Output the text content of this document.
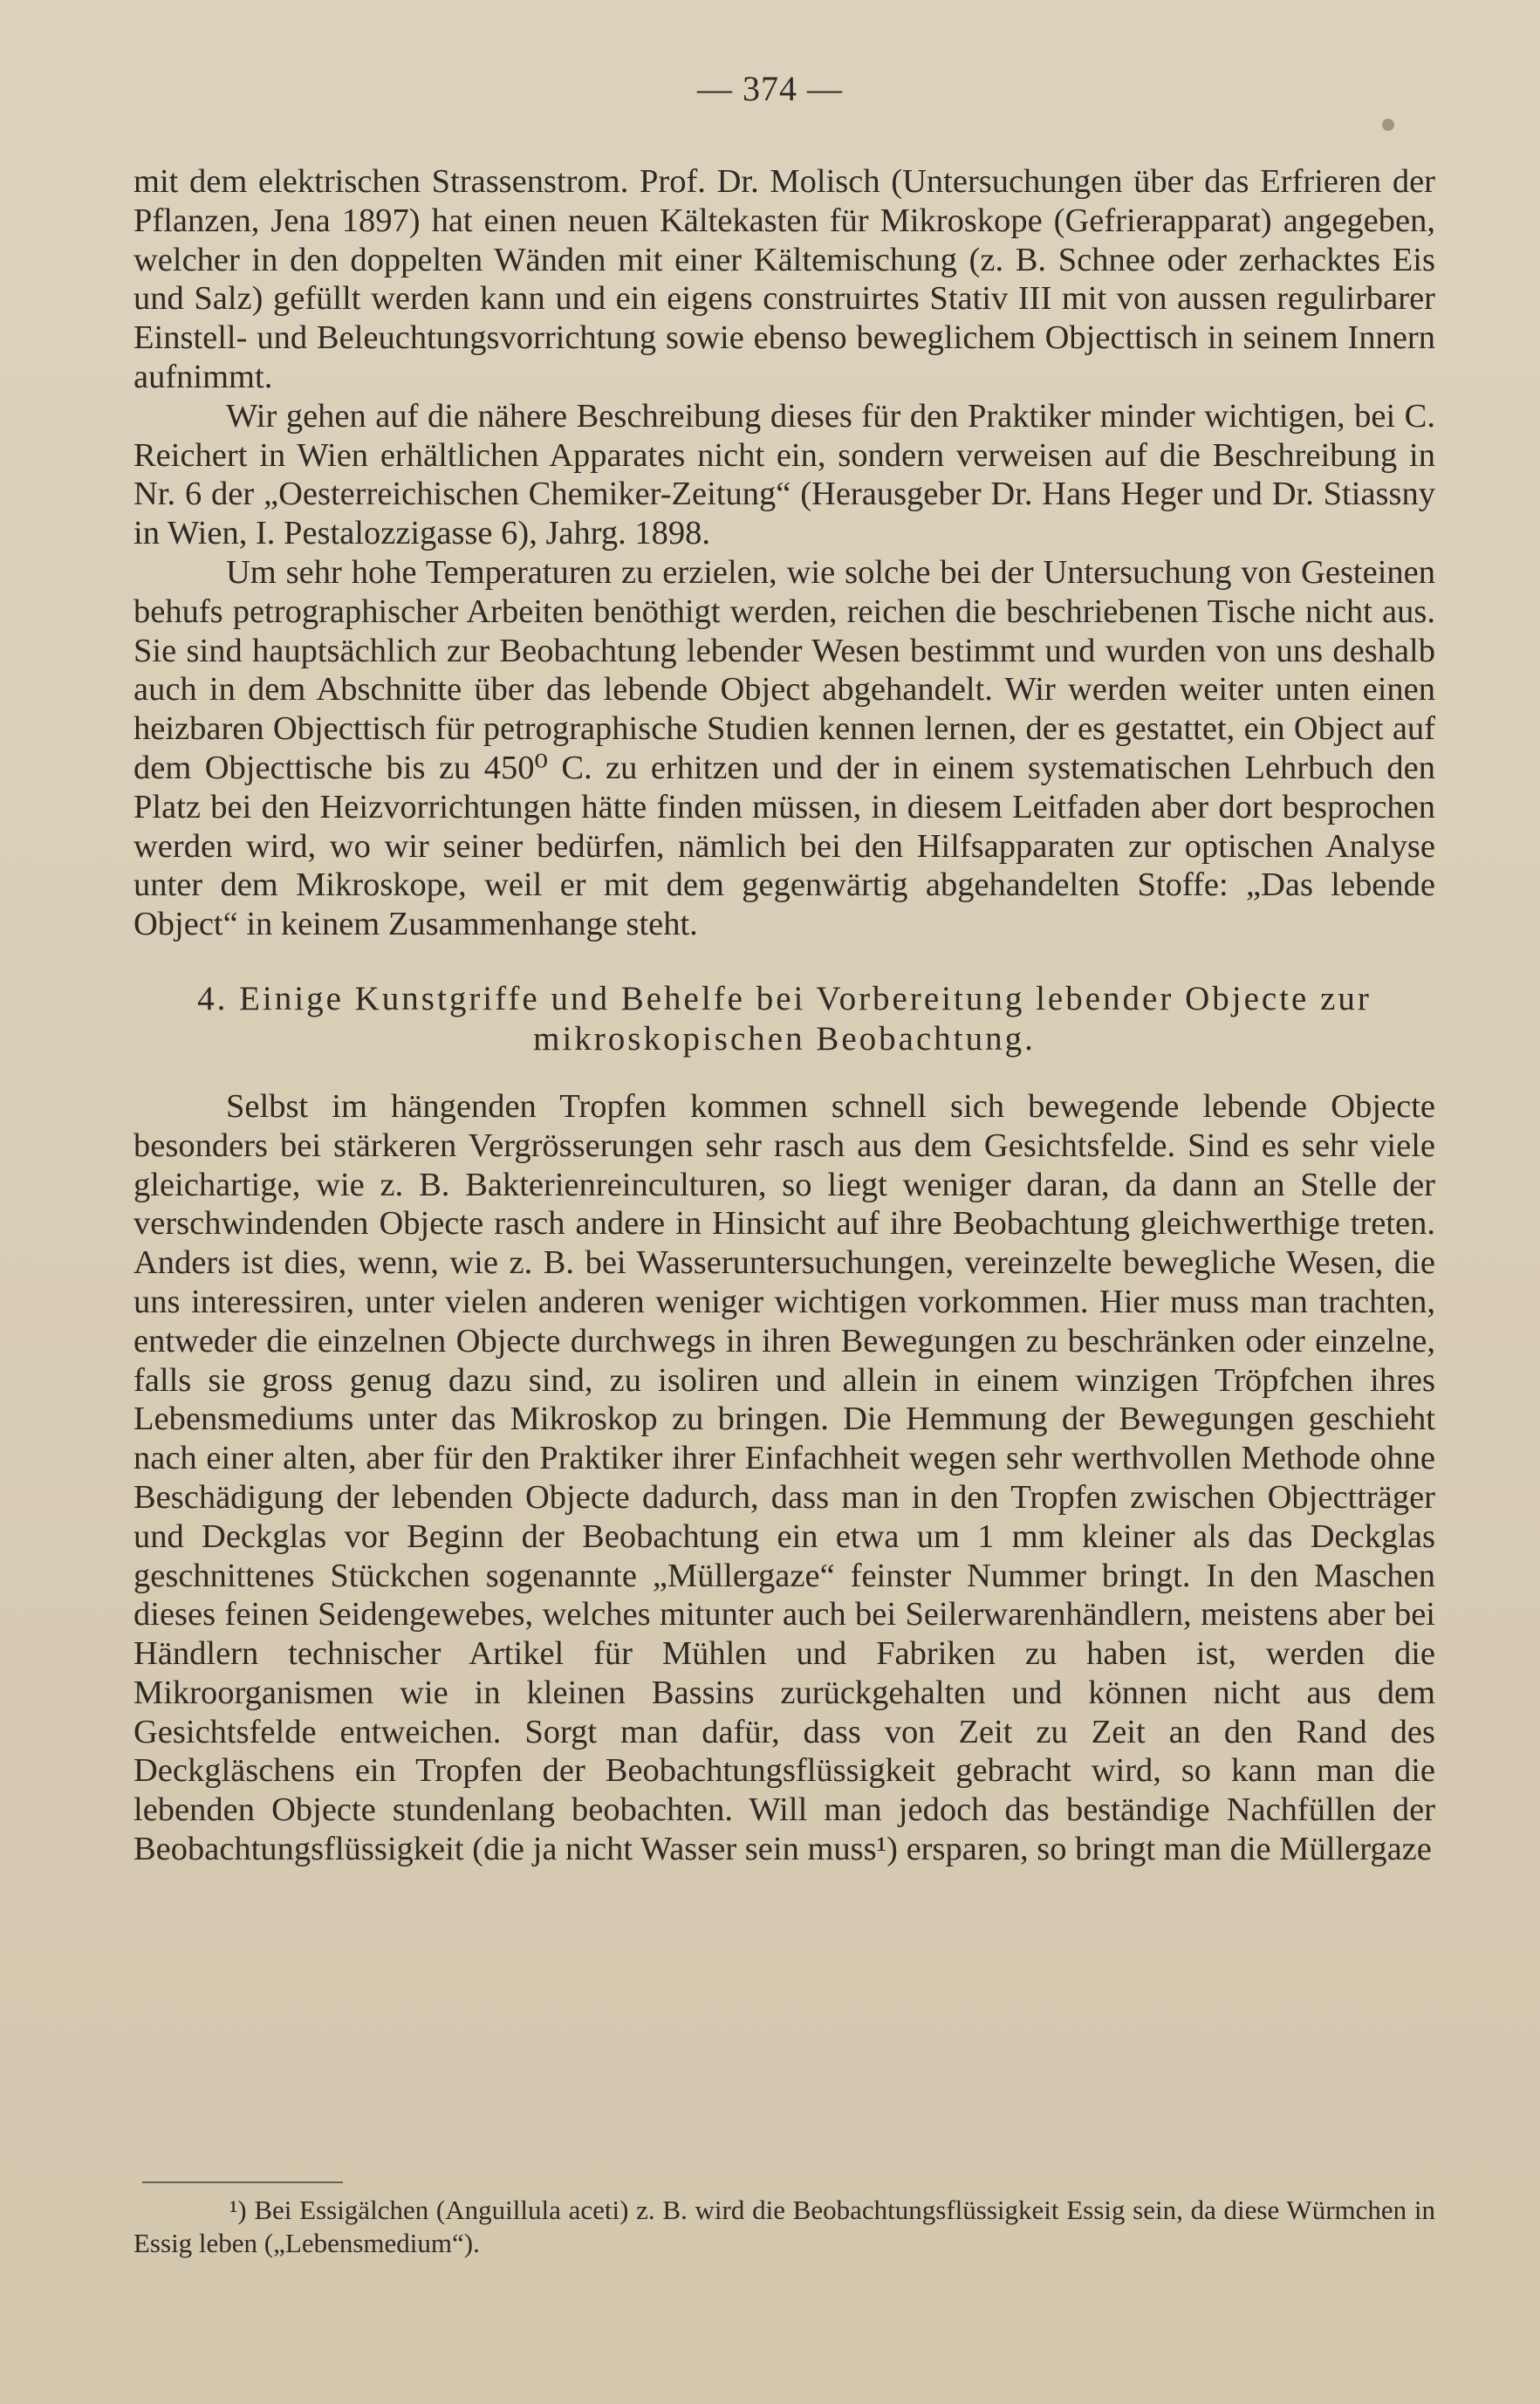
— 374 —

mit dem elektrischen Strassenstrom. Prof. Dr. Molisch (Untersuchungen über das Erfrieren der Pflanzen, Jena 1897) hat einen neuen Kältekasten für Mikroskope (Gefrierapparat) angegeben, welcher in den doppelten Wänden mit einer Kältemischung (z. B. Schnee oder zerhacktes Eis und Salz) gefüllt werden kann und ein eigens construirtes Stativ III mit von aussen regulirbarer Einstell- und Beleuchtungsvorrichtung sowie ebenso beweglichem Objecttisch in seinem Innern aufnimmt.

Wir gehen auf die nähere Beschreibung dieses für den Praktiker minder wichtigen, bei C. Reichert in Wien erhältlichen Apparates nicht ein, sondern verweisen auf die Beschreibung in Nr. 6 der „Oesterreichischen Chemiker-Zeitung“ (Herausgeber Dr. Hans Heger und Dr. Stiassny in Wien, I. Pestalozzigasse 6), Jahrg. 1898.

Um sehr hohe Temperaturen zu erzielen, wie solche bei der Untersuchung von Gesteinen behufs petrographischer Arbeiten benöthigt werden, reichen die beschriebenen Tische nicht aus. Sie sind hauptsächlich zur Beobachtung lebender Wesen bestimmt und wurden von uns deshalb auch in dem Abschnitte über das lebende Object abgehandelt. Wir werden weiter unten einen heizbaren Objecttisch für petrographische Studien kennen lernen, der es gestattet, ein Object auf dem Objecttische bis zu 450⁰ C. zu erhitzen und der in einem systematischen Lehrbuch den Platz bei den Heizvorrichtungen hätte finden müssen, in diesem Leitfaden aber dort besprochen werden wird, wo wir seiner bedürfen, nämlich bei den Hilfsapparaten zur optischen Analyse unter dem Mikroskope, weil er mit dem gegenwärtig abgehandelten Stoffe: „Das lebende Object“ in keinem Zusammenhange steht.

4. Einige Kunstgriffe und Behelfe bei Vorbereitung lebender Objecte zur mikroskopischen Beobachtung.

Selbst im hängenden Tropfen kommen schnell sich bewegende lebende Objecte besonders bei stärkeren Vergrösserungen sehr rasch aus dem Gesichtsfelde. Sind es sehr viele gleichartige, wie z. B. Bakterienreinculturen, so liegt weniger daran, da dann an Stelle der verschwindenden Objecte rasch andere in Hinsicht auf ihre Beobachtung gleichwerthige treten. Anders ist dies, wenn, wie z. B. bei Wasseruntersuchungen, vereinzelte bewegliche Wesen, die uns interessiren, unter vielen anderen weniger wichtigen vorkommen. Hier muss man trachten, entweder die einzelnen Objecte durchwegs in ihren Bewegungen zu beschränken oder einzelne, falls sie gross genug dazu sind, zu isoliren und allein in einem winzigen Tröpfchen ihres Lebensmediums unter das Mikroskop zu bringen. Die Hemmung der Bewegungen geschieht nach einer alten, aber für den Praktiker ihrer Einfachheit wegen sehr werthvollen Methode ohne Beschädigung der lebenden Objecte dadurch, dass man in den Tropfen zwischen Objectträger und Deckglas vor Beginn der Beobachtung ein etwa um 1 mm kleiner als das Deckglas geschnittenes Stückchen sogenannte „Müllergaze“ feinster Nummer bringt. In den Maschen dieses feinen Seidengewebes, welches mitunter auch bei Seilerwarenhändlern, meistens aber bei Händlern technischer Artikel für Mühlen und Fabriken zu haben ist, werden die Mikroorganismen wie in kleinen Bassins zurückgehalten und können nicht aus dem Gesichtsfelde entweichen. Sorgt man dafür, dass von Zeit zu Zeit an den Rand des Deckgläschens ein Tropfen der Beobachtungsflüssigkeit gebracht wird, so kann man die lebenden Objecte stundenlang beobachten. Will man jedoch das beständige Nachfüllen der Beobachtungsflüssigkeit (die ja nicht Wasser sein muss¹) ersparen, so bringt man die Müllergaze

¹) Bei Essigälchen (Anguillula aceti) z. B. wird die Beobachtungsflüssigkeit Essig sein, da diese Würmchen in Essig leben („Lebensmedium“).
